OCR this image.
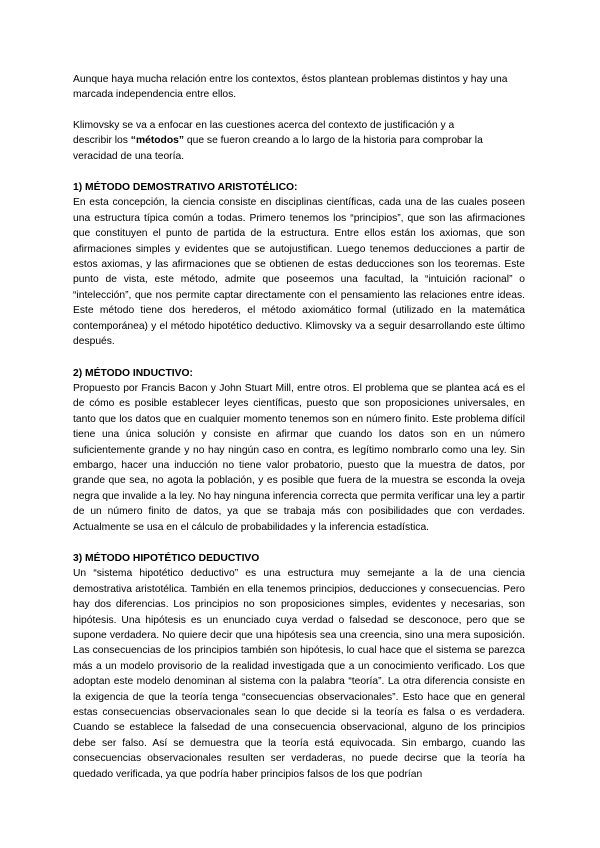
Aunque haya mucha relación entre los contextos, éstos plantean problemas distintos y hay una marcada independencia entre ellos.

Klimovsky se va a enfocar en las cuestiones acerca del contexto de justificación y a describir los “métodos” que se fueron creando a lo largo de la historia para comprobar la veracidad de una teoría.

1) MÉTODO DEMOSTRATIVO ARISTOTÉLICO:

En esta concepción, la ciencia consiste en disciplinas científicas, cada una de las cuales poseen una estructura típica común a todas. Primero tenemos los “principios”, que son las afirmaciones que constituyen el punto de partida de la estructura. Entre ellos están los axiomas, que son afirmaciones simples y evidentes que se autojustifican. Luego tenemos deducciones a partir de estos axiomas, y las afirmaciones que se obtienen de estas deducciones son los teoremas. Este punto de vista, este método, admite que poseemos una facultad, la “intuición racional” o “intelección”, que nos permite captar directamente con el pensamiento las relaciones entre ideas. Este método tiene dos herederos, el método axiomático formal (utilizado en la matemática contemporánea) y el método hipotético deductivo. Klimovsky va a seguir desarrollando este último después.

2) MÉTODO INDUCTIVO:

Propuesto por Francis Bacon y John Stuart Mill, entre otros. El problema que se plantea acá es el de cómo es posible establecer leyes científicas, puesto que son proposiciones universales, en tanto que los datos que en cualquier momento tenemos son en número finito. Este problema difícil tiene una única solución y consiste en afirmar que cuando los datos son en un número suficientemente grande y no hay ningún caso en contra, es legítimo nombrarlo como una ley. Sin embargo, hacer una inducción no tiene valor probatorio, puesto que la muestra de datos, por grande que sea, no agota la población, y es posible que fuera de la muestra se esconda la oveja negra que invalide a la ley. No hay ninguna inferencia correcta que permita verificar una ley a partir de un número finito de datos, ya que se trabaja más con posibilidades que con verdades. Actualmente se usa en el cálculo de probabilidades y la inferencia estadística.

3) MÉTODO HIPOTÉTICO DEDUCTIVO

Un “sistema hipotético deductivo” es una estructura muy semejante a la de una ciencia demostrativa aristotélica. También en ella tenemos principios, deducciones y consecuencias. Pero hay dos diferencias. Los principios no son proposiciones simples, evidentes y necesarias, son hipótesis. Una hipótesis es un enunciado cuya verdad o falsedad se desconoce, pero que se supone verdadera. No quiere decir que una hipótesis sea una creencia, sino una mera suposición. Las consecuencias de los principios también son hipótesis, lo cual hace que el sistema se parezca más a un modelo provisorio de la realidad investigada que a un conocimiento verificado. Los que adoptan este modelo denominan al sistema con la palabra “teoría”. La otra diferencia consiste en la exigencia de que la teoría tenga “consecuencias observacionales”. Esto hace que en general estas consecuencias observacionales sean lo que decide si la teoría es falsa o es verdadera. Cuando se establece la falsedad de una consecuencia observacional, alguno de los principios debe ser falso. Así se demuestra que la teoría está equivocada. Sin embargo, cuando las consecuencias observacionales resulten ser verdaderas, no puede decirse que la teoría ha quedado verificada, ya que podría haber principios falsos de los que podrían
